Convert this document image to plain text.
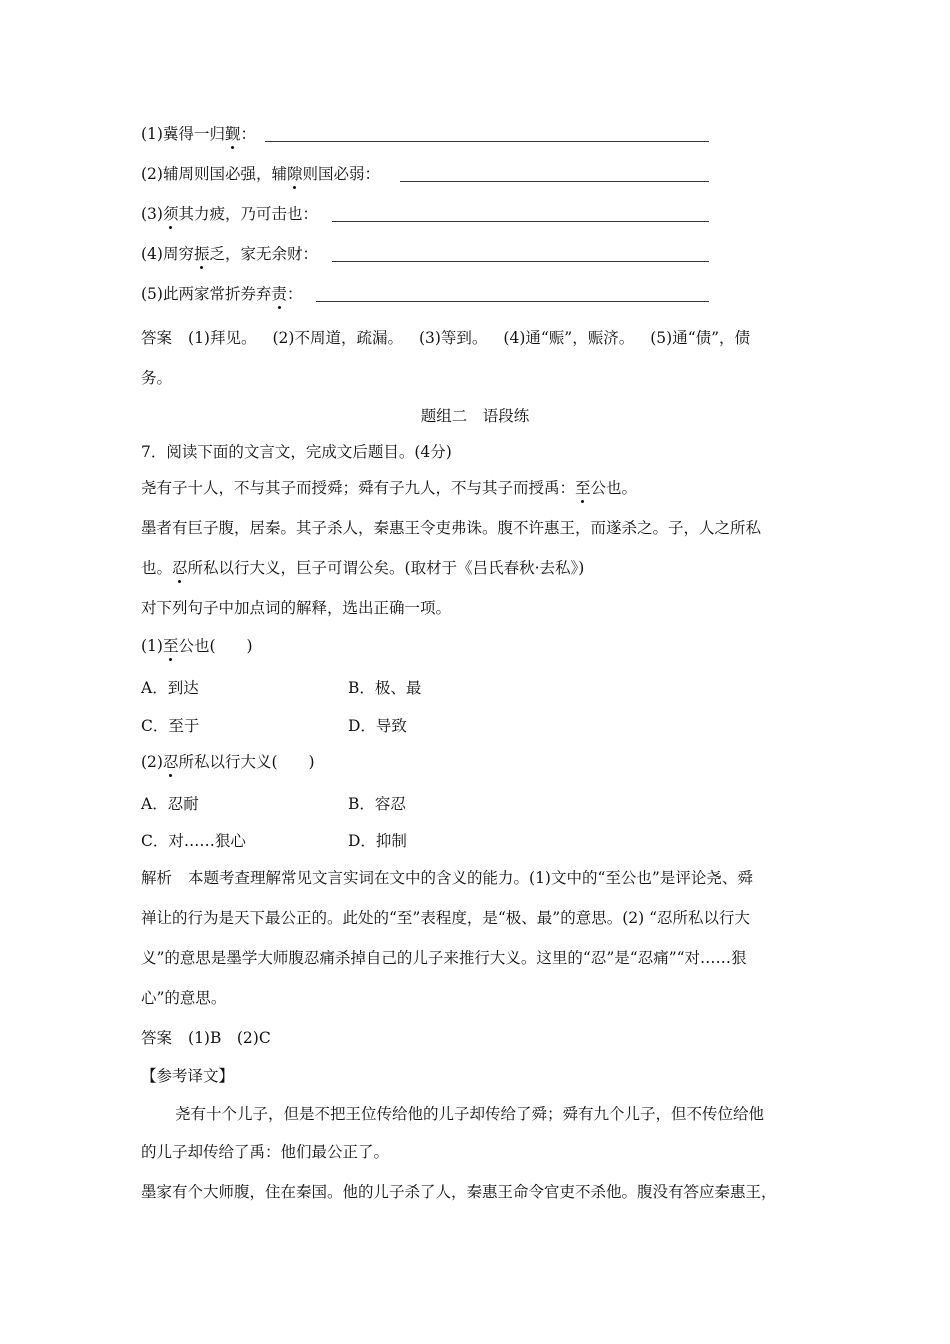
(1)冀得一归觐：
(2)辅周则国必强，辅隙则国必弱：
(3)须其力疲，乃可击也：
(4)周穷振乏，家无余财：
(5)此两家常折券弃责：
答案 (1)拜见。 (2)不周道，疏漏。 (3)等到。 (4)通“赈”，赈济。 (5)通“债”，债
务。
题组二　语段练
7．阅读下面的文言文，完成文后题目。(4分)
尧有子十人，不与其子而授舜；舜有子九人，不与其子而授禹：至公也。
墨者有巨子腹，居秦。其子杀人，秦惠王令吏弗诛。腹不许惠王，而遂杀之。子，人之所私
也。忍所私以行大义，巨子可谓公矣。(取材于《吕氏春秋·去私》)
对下列句子中加点词的解释，选出正确一项。
(1)至公也(　　)
A．到达	B．极、最
C．至于	D．导致
(2)忍所私以行大义(　　)
A．忍耐	B．容忍
C．对……狠心	D．抑制
解析 本题考查理解常见文言实词在文中的含义的能力。(1)文中的“至公也”是评论尧、舜
禅让的行为是天下最公正的。此处的“至”表程度，是“极、最”的意思。(2) “忍所私以行大
义”的意思是墨学大师腹忍痛杀掉自己的儿子来推行大义。这里的“忍”是“忍痛”“对……狠
心”的意思。
答案 (1)B　(2)C
【参考译文】
尧有十个儿子，但是不把王位传给他的儿子却传给了舜；舜有九个儿子，但不传位给他
的儿子却传给了禹：他们最公正了。
墨家有个大师腹，住在秦国。他的儿子杀了人，秦惠王命令官吏不杀他。腹没有答应秦惠王，
